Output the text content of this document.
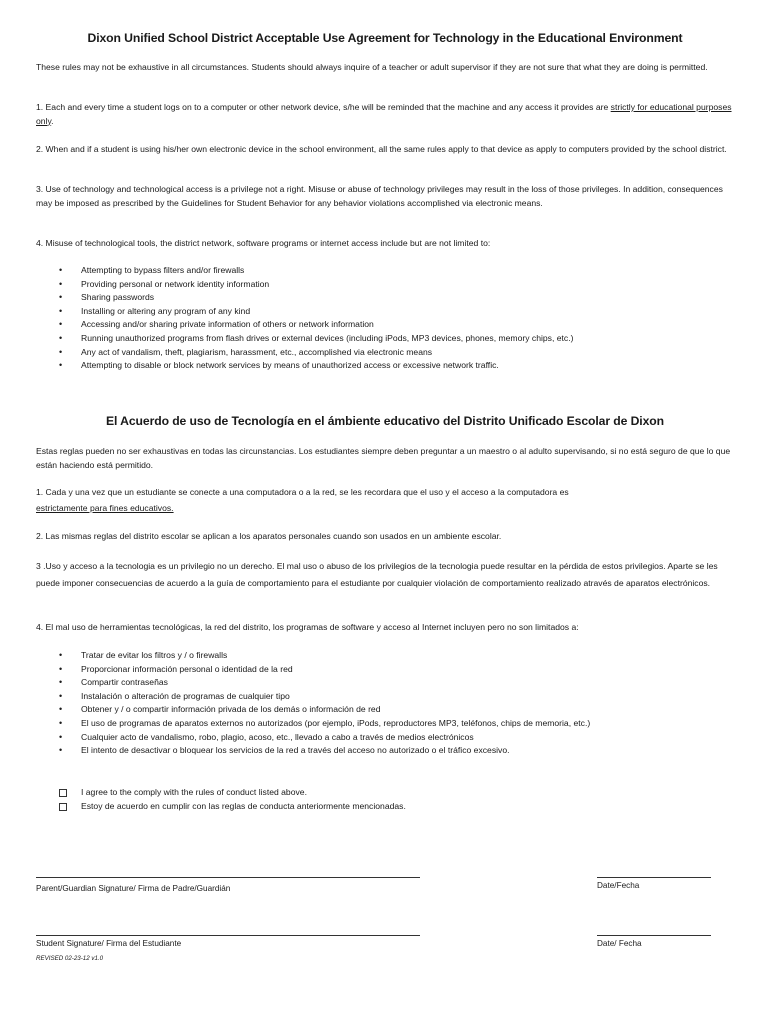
Dixon Unified School District Acceptable Use Agreement for Technology in the Educational Environment

These rules may not be exhaustive in all circumstances. Students should always inquire of a teacher or adult supervisor if they are not sure that what they are doing is permitted.

1. Each and every time a student logs on to a computer or other network device, s/he will be reminded that the machine and any access it provides are strictly for educational purposes only.

2. When and if a student is using his/her own electronic device in the school environment, all the same rules apply to that device as apply to computers provided by the school district.

3. Use of technology and technological access is a privilege not a right. Misuse or abuse of technology privileges may result in the loss of those privileges. In addition, consequences may be imposed as prescribed by the Guidelines for Student Behavior for any behavior violations accomplished via electronic means.

4. Misuse of technological tools, the district network, software programs or internet access include but are not limited to:

• Attempting to bypass filters and/or firewalls
• Providing personal or network identity information
• Sharing passwords
• Installing or altering any program of any kind
• Accessing and/or sharing private information of others or network information
• Running unauthorized programs from flash drives or external devices (including iPods, MP3 devices, phones, memory chips, etc.)
• Any act of vandalism, theft, plagiarism, harassment, etc., accomplished via electronic means
• Attempting to disable or block network services by means of unauthorized access or excessive network traffic.
El Acuerdo de uso de Tecnología en el ámbiente educativo del Distrito Unificado Escolar de Dixon

Estas reglas pueden no ser exhaustivas en todas las circunstancias. Los estudiantes siempre deben preguntar a un maestro o al adulto supervisando, si no está seguro de que lo que están haciendo está permitido.

1. Cada y una vez que un estudiante se conecte a una computadora o a la red, se les recordara que el uso y el acceso a la computadora es
estrictamente para fines educativos.

2. Las mismas reglas del distrito escolar se aplican a los aparatos personales cuando son usados en un ambiente escolar.

3 .Uso y acceso a la tecnologia es un privilegio no un derecho. El mal uso o abuso de los privilegios de la tecnologia puede resultar en la pérdida de estos privilegios. Aparte se les puede imponer consecuencias de acuerdo a la guía de comportamiento para el estudiante por cualquier violación de comportamiento realizado através de aparatos electrónicos.

4. El mal uso de herramientas tecnológicas, la red del distrito, los programas de software y acceso al Internet incluyen pero no son limitados a:

• Tratar de evitar los filtros y / o firewalls
• Proporcionar información personal o identidad de la red
• Compartir contraseñas
• Instalación o alteración de programas de cualquier tipo
• Obtener y / o compartir información privada de los demás o información de red
• El uso de programas de aparatos externos no autorizados (por ejemplo, iPods, reproductores MP3, teléfonos, chips de memoria, etc.)
• Cualquier acto de vandalismo, robo, plagio, acoso, etc., llevado a cabo a través de medios electrónicos
• El intento de desactivar o bloquear los servicios de la red a través del acceso no autorizado o el tráfico excesivo.
I agree to the comply with the rules of conduct listed above.
Estoy de acuerdo en cumplir con las reglas de conducta anteriormente mencionadas.
Parent/Guardian Signature/ Firma de Padre/Guardián	Date/Fecha
Student Signature/ Firma del Estudiante	Date/ Fecha
REVISED 02-23-12 v1.0
